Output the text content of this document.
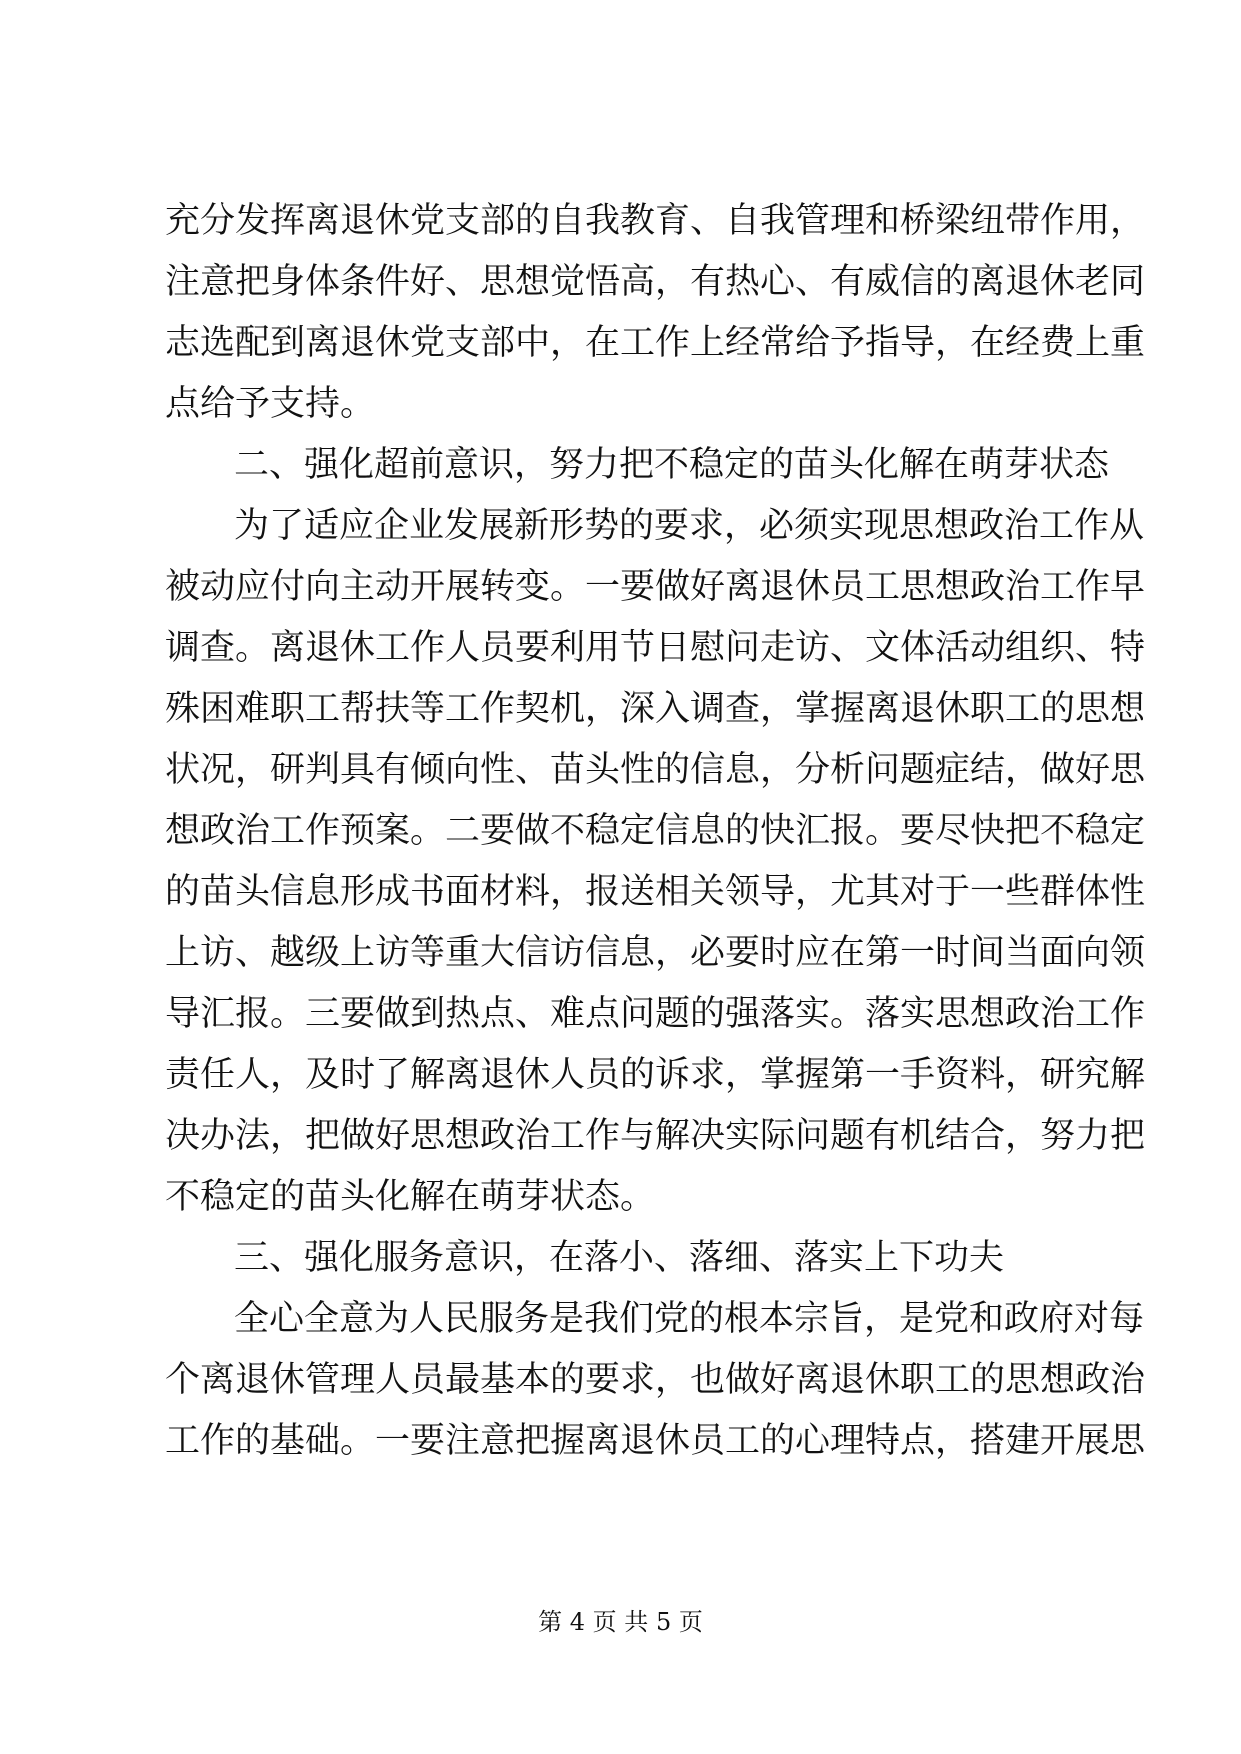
充分发挥离退休党支部的自我教育、自我管理和桥梁纽带作用，
注意把身体条件好、思想觉悟高，有热心、有威信的离退休老同
志选配到离退休党支部中，在工作上经常给予指导，在经费上重
点给予支持。
二、强化超前意识，努力把不稳定的苗头化解在萌芽状态
为了适应企业发展新形势的要求，必须实现思想政治工作从
被动应付向主动开展转变。一要做好离退休员工思想政治工作早
调查。离退休工作人员要利用节日慰问走访、文体活动组织、特
殊困难职工帮扶等工作契机，深入调查，掌握离退休职工的思想
状况，研判具有倾向性、苗头性的信息，分析问题症结，做好思
想政治工作预案。二要做不稳定信息的快汇报。要尽快把不稳定
的苗头信息形成书面材料，报送相关领导，尤其对于一些群体性
上访、越级上访等重大信访信息，必要时应在第一时间当面向领
导汇报。三要做到热点、难点问题的强落实。落实思想政治工作
责任人，及时了解离退休人员的诉求，掌握第一手资料，研究解
决办法，把做好思想政治工作与解决实际问题有机结合，努力把
不稳定的苗头化解在萌芽状态。
三、强化服务意识，在落小、落细、落实上下功夫
全心全意为人民服务是我们党的根本宗旨，是党和政府对每
个离退休管理人员最基本的要求，也做好离退休职工的思想政治
工作的基础。一要注意把握离退休员工的心理特点，搭建开展思
第 4 页 共 5 页
